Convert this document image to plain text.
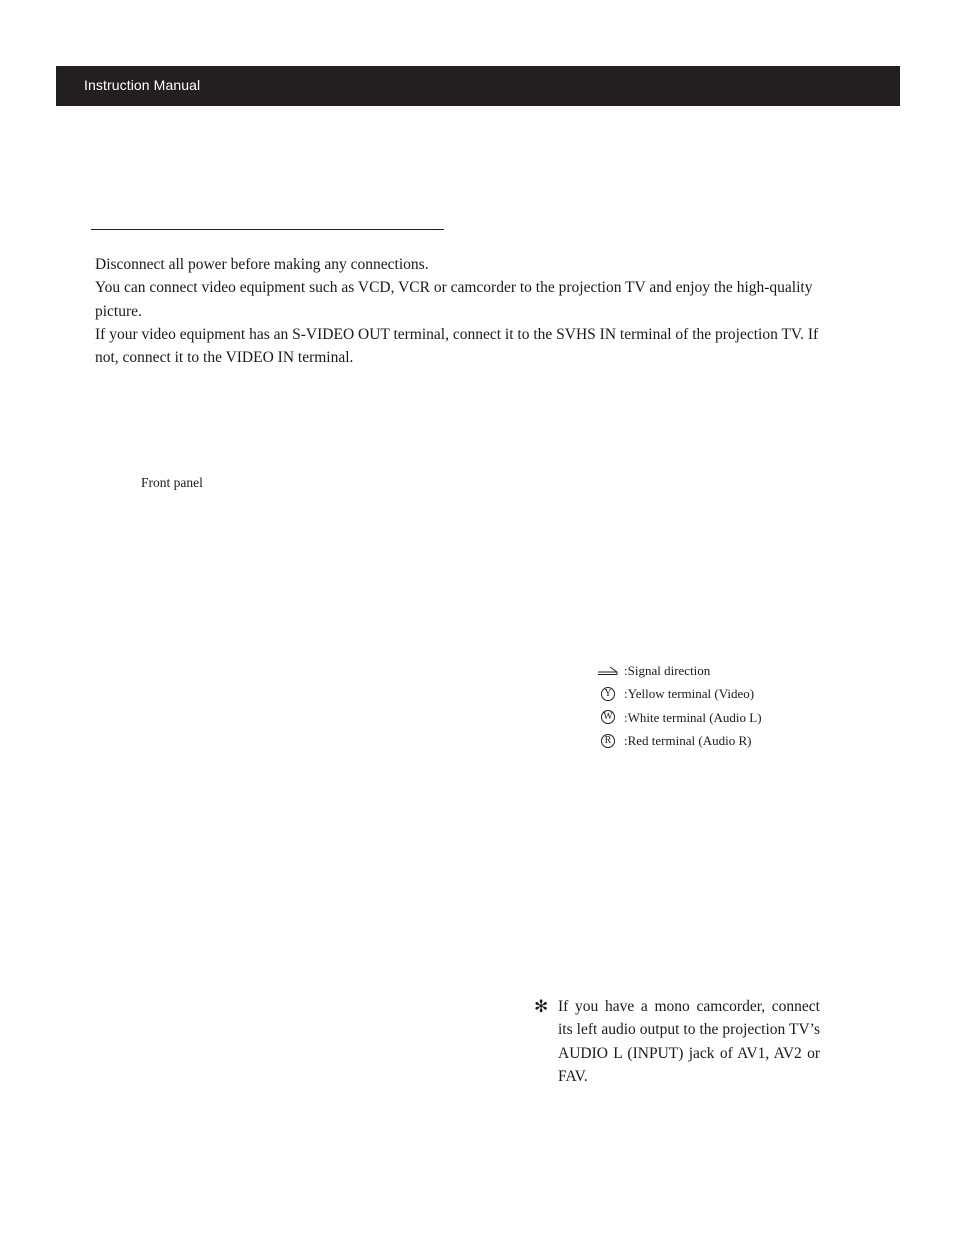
Instruction Manual

Disconnect all power before making any connections.

You can connect video equipment such as VCD, VCR or camcorder to the projection TV and enjoy the high-quality picture.

If your video equipment has an S-VIDEO OUT terminal, connect it to the SVHS IN terminal of the projection TV. If not, connect it to the VIDEO IN terminal.

Front panel
:Signal direction
Y :Yellow terminal (Video)
W :White terminal (Audio L)
R :Red terminal (Audio R)
✻ If you have a mono camcorder, connect its left audio output to the projection TV’s AUDIO L (INPUT) jack of AV1, AV2 or FAV.
